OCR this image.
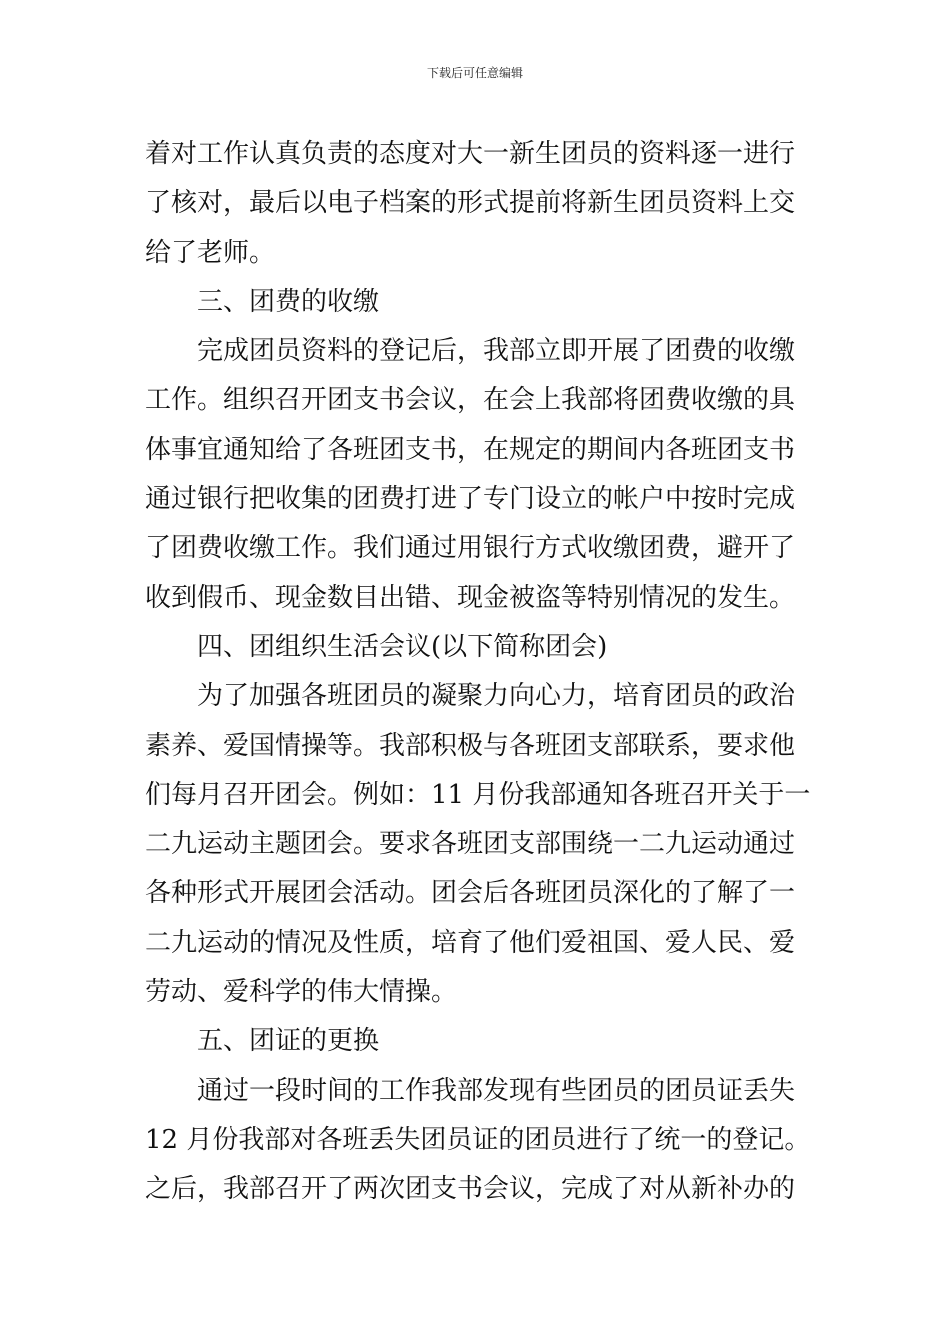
下载后可任意编辑
着对工作认真负责的态度对大一新生团员的资料逐一进行
了核对，最后以电子档案的形式提前将新生团员资料上交
给了老师。
三、团费的收缴
完成团员资料的登记后，我部立即开展了团费的收缴
工作。组织召开团支书会议，在会上我部将团费收缴的具
体事宜通知给了各班团支书，在规定的期间内各班团支书
通过银行把收集的团费打进了专门设立的帐户中按时完成
了团费收缴工作。我们通过用银行方式收缴团费，避开了
收到假币、现金数目出错、现金被盗等特别情况的发生。
四、团组织生活会议(以下简称团会)
为了加强各班团员的凝聚力向心力，培育团员的政治
素养、爱国情操等。我部积极与各班团支部联系，要求他
们每月召开团会。例如：11 月份我部通知各班召开关于一
二九运动主题团会。要求各班团支部围绕一二九运动通过
各种形式开展团会活动。团会后各班团员深化的了解了一
二九运动的情况及性质，培育了他们爱祖国、爱人民、爱
劳动、爱科学的伟大情操。
五、团证的更换
通过一段时间的工作我部发现有些团员的团员证丢失
12 月份我部对各班丢失团员证的团员进行了统一的登记。
之后，我部召开了两次团支书会议，完成了对从新补办的
